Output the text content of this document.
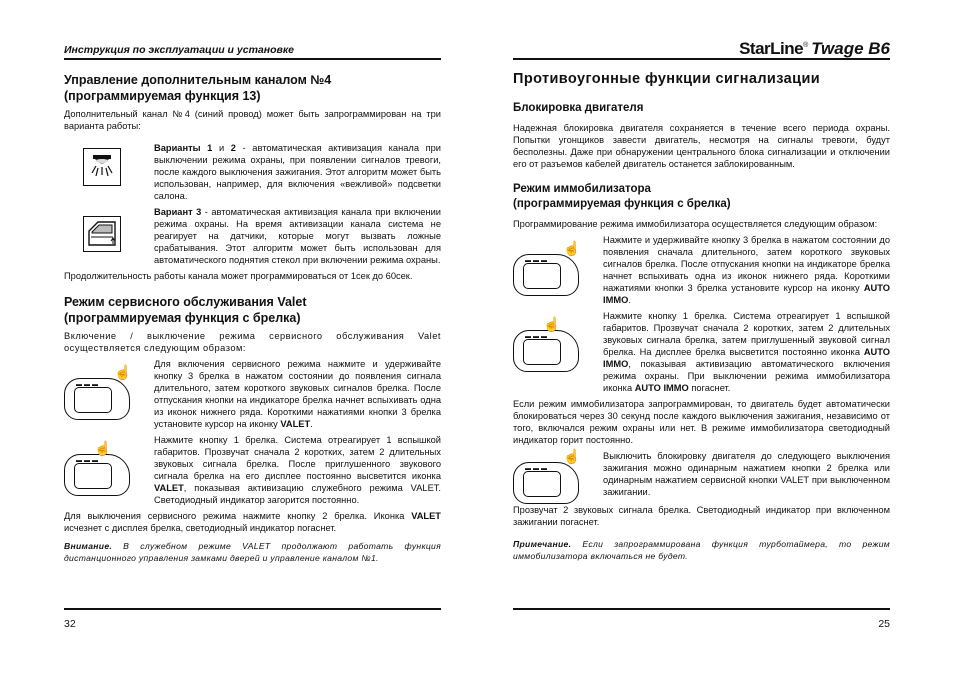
Инструкция по эксплуатации и установке
Управление дополнительным каналом №4
(программируемая функция 13)

Дополнительный канал №4 (синий провод) может быть запрограммирован на три варианта работы:

Варианты 1 и 2 - автоматическая активизация канала при выключении режима охраны, при появлении сигналов тревоги, после каждого выключения зажигания. Этот алгоритм может быть использован, например, для включения «вежливой» подсветки салона.

Вариант 3 - автоматическая активизация канала при включении режима охраны. На время активизации канала система не реагирует на датчики, которые могут вызвать ложные срабатывания. Этот алгоритм может быть использован для автоматического поднятия стекол при включении режима охраны.

Продолжительность работы канала может программироваться от 1сек до 60сек.

Режим сервисного обслуживания Valet
(программируемая функция с брелка)

Включение / выключение режима сервисного обслуживания Valet осуществляется следующим образом:

▬▬▬
☝ Для включения сервисного режима нажмите и удерживайте кнопку 3 брелка в нажатом состоянии до появления сигнала длительного, затем короткого звуковых сигналов брелка. После отпускания кнопки на индикаторе брелка начнет вспыхивать одна из иконок нижнего ряда. Короткими нажатиями кнопки 3 брелка установите курсор на иконку VALET.

▬▬▬
☝	Нажмите кнопку 1 брелка. Система отреагирует 1 вспышкой габаритов. Прозвучат сначала 2 коротких, затем 2 длительных звуковых сигнала брелка. После приглушенного звукового сигнала брелка на его дисплее постоянно высветится иконка VALET, показывая активизацию служебного режима VALET. Светодиодный индикатор загорится постоянно.

Для выключения сервисного режима нажмите кнопку 2 брелка. Иконка VALET исчезнет с дисплея брелка, светодиодный индикатор погаснет.

Внимание. В служебном режиме VALET продолжают работать функция дистанционного управления замками дверей и управление каналом №1.

32
StarLine® Twage B6
Противоугонные функции сигнализации
Блокировка двигателя

Надежная блокировка двигателя сохраняется в течение всего периода охраны. Попытки угонщиков завести двигатель, несмотря на сигналы тревоги, будут бесполезны. Даже при обнаружении центрального блока сигнализации и отключении его от разъемов кабелей двигатель останется заблокированным.

Режим иммобилизатора
(программируемая функция с брелка)

Программирование режима иммобилизатора осуществляется следующим образом:

▬▬▬
☝ Нажмите и удерживайте кнопку 3 брелка в нажатом состоянии до появления сначала длительного, затем короткого звуковых сигналов брелка. После отпускания кнопки на индикаторе брелка начнет вспыхивать одна из иконок нижнего ряда. Короткими нажатиями кнопки 3 брелка установите курсор на иконку AUTO IMMO.

▬▬▬
☝	Нажмите кнопку 1 брелка. Система отреагирует 1 вспышкой габаритов. Прозвучат сначала 2 коротких, затем 2 длительных звуковых сигнала брелка, затем приглушенный звуковой сигнал брелка. На дисплее брелка высветится постоянно иконка AUTO IMMO, показывая активизацию автоматического включения режима охраны. При выключении режима иммобилизатора иконка AUTO IMMO погаснет.

Если режим иммобилизатора запрограммирован, то двигатель будет автоматически блокироваться через 30 секунд после каждого выключения зажигания, независимо от того, включался режим охраны или нет. В режиме иммобилизатора светодиодный индикатор горит постоянно.

▬▬▬
☝ Выключить блокировку двигателя до следующего выключения зажигания можно одинарным нажатием кнопки 2 брелка или одинарным нажатием сервисной кнопки VALET при выключенном зажигании.

Прозвучат 2 звуковых сигнала брелка. Светодиодный индикатор при включенном зажигании погаснет.

Примечание. Если запрограммирована функция турботаймера, то режим иммобилизатора включаться не будет.

25
